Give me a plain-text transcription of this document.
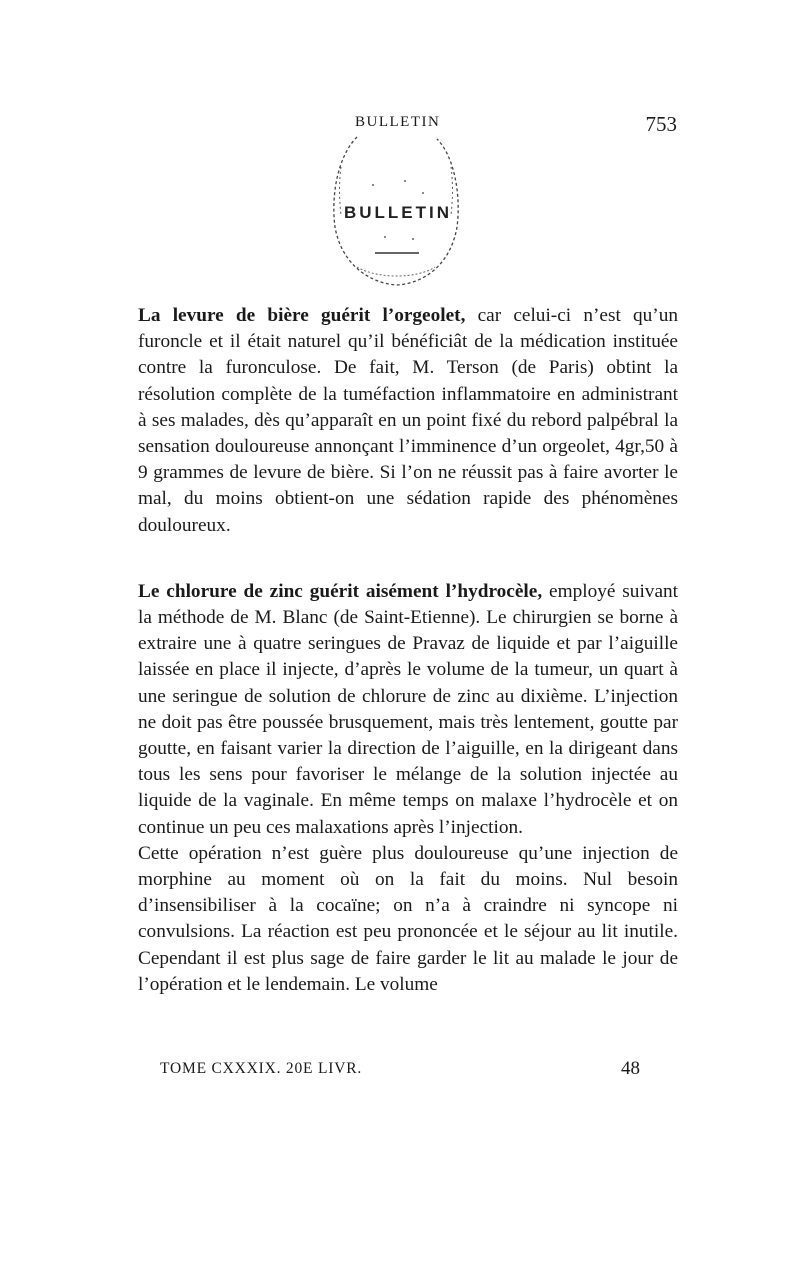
BULLETIN	753
BULLETIN

La levure de bière guérit l’orgeolet, car celui-ci n’est qu’un furoncle et il était naturel qu’il bénéficiât de la médication instituée contre la furonculose. De fait, M. Terson (de Paris) obtint la résolution complète de la tuméfaction inflammatoire en administrant à ses malades, dès qu’apparaît en un point fixé du rebord palpébral la sensation douloureuse annonçant l’imminence d’un orgeolet, 4gr,50 à 9 grammes de levure de bière. Si l’on ne réussit pas à faire avorter le mal, du moins obtient-on une sédation rapide des phénomènes douloureux.

Le chlorure de zinc guérit aisément l’hydrocèle, employé suivant la méthode de M. Blanc (de Saint-Etienne). Le chirurgien se borne à extraire une à quatre seringues de Pravaz de liquide et par l’aiguille laissée en place il injecte, d’après le volume de la tumeur, un quart à une seringue de solution de chlorure de zinc au dixième. L’injection ne doit pas être poussée brusquement, mais très lentement, goutte par goutte, en faisant varier la direction de l’aiguille, en la dirigeant dans tous les sens pour favoriser le mélange de la solution injectée au liquide de la vaginale. En même temps on malaxe l’hydrocèle et on continue un peu ces malaxations après l’injection.

Cette opération n’est guère plus douloureuse qu’une injection de morphine au moment où on la fait du moins. Nul besoin d’insensibiliser à la cocaïne; on n’a à craindre ni syncope ni convulsions. La réaction est peu prononcée et le séjour au lit inutile. Cependant il est plus sage de faire garder le lit au malade le jour de l’opération et le lendemain. Le volume

TOME CXXXIX. 20E LIVR.	48
